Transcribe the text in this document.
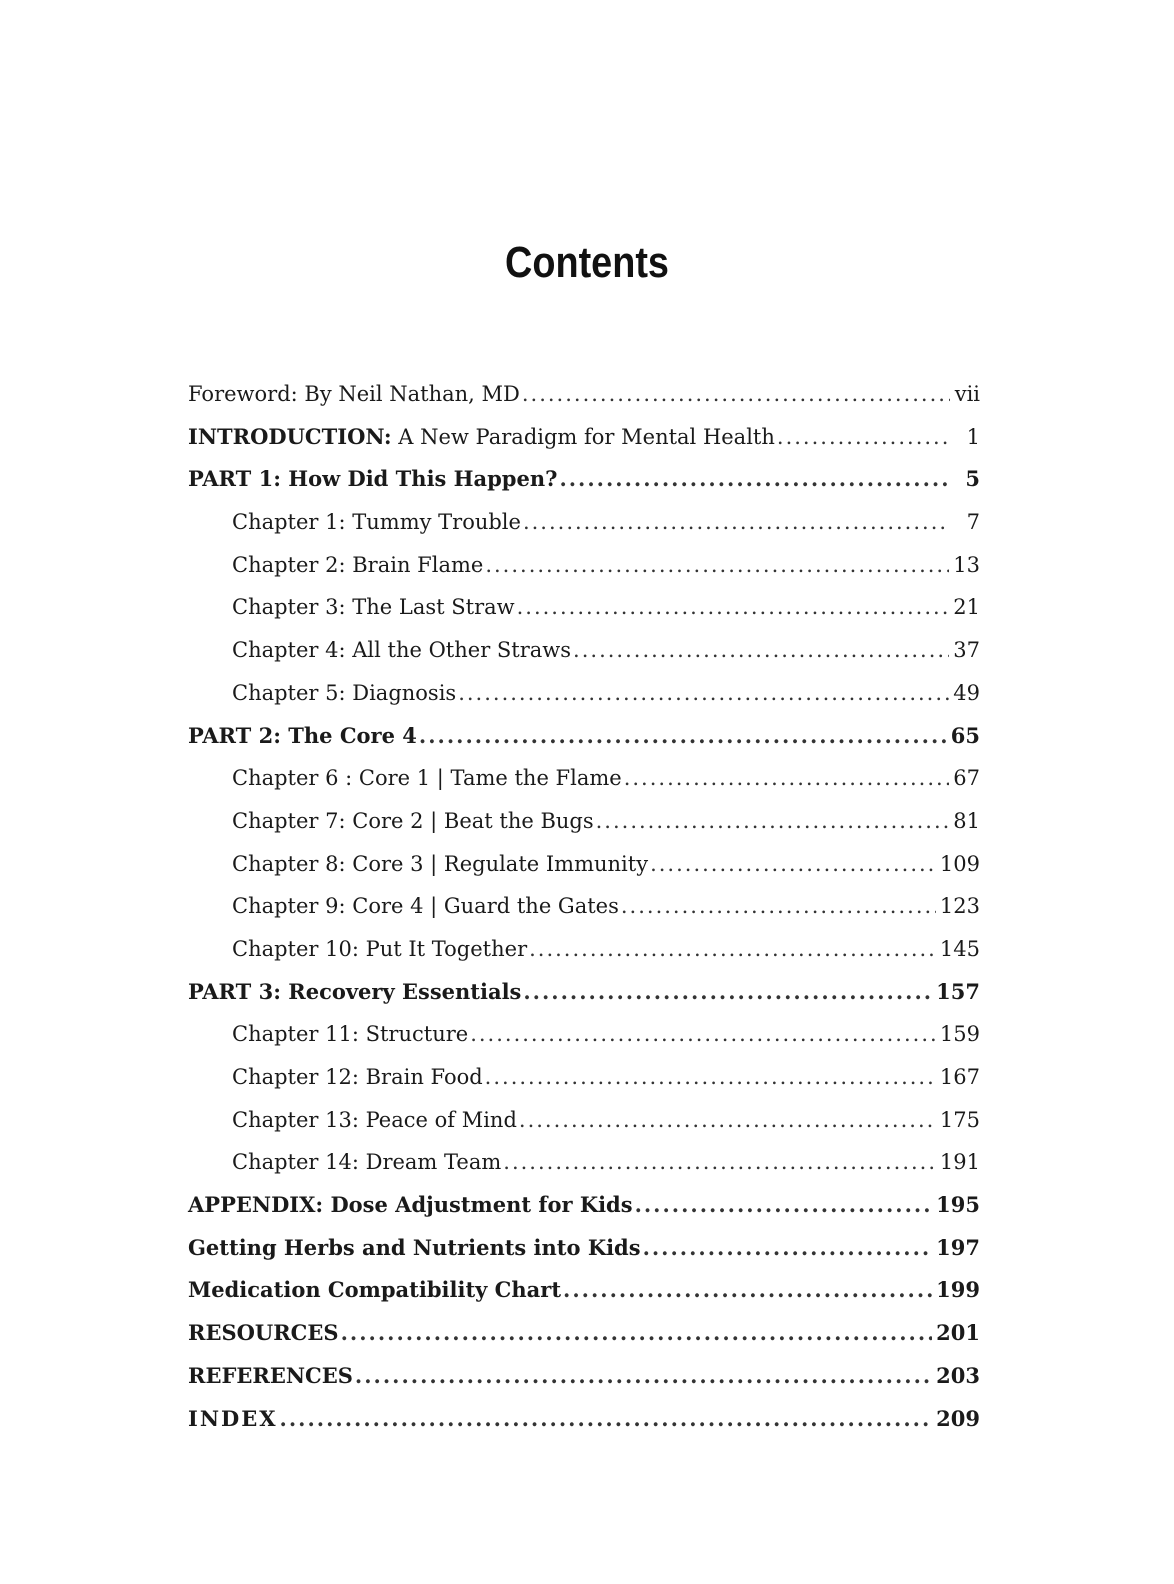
Contents
Foreword: By Neil Nathan, MD .....	vii
INTRODUCTION: A New Paradigm for Mental Health .....	1
PART 1: How Did This Happen? .....	5
Chapter 1: Tummy Trouble .....	7
Chapter 2: Brain Flame .....	13
Chapter 3: The Last Straw .....	21
Chapter 4: All the Other Straws .....	37
Chapter 5: Diagnosis .....	49
PART 2: The Core 4 .....	65
Chapter 6 : Core 1 | Tame the Flame .....	67
Chapter 7: Core 2 | Beat the Bugs .....	81
Chapter 8: Core 3 | Regulate Immunity .....	109
Chapter 9: Core 4 | Guard the Gates .....	123
Chapter 10: Put It Together .....	145
PART 3: Recovery Essentials .....	157
Chapter 11: Structure .....	159
Chapter 12: Brain Food .....	167
Chapter 13: Peace of Mind .....	175
Chapter 14: Dream Team .....	191
APPENDIX: Dose Adjustment for Kids .....	195
Getting Herbs and Nutrients into Kids .....	197
Medication Compatibility Chart .....	199
RESOURCES .....	201
REFERENCES .....	203
INDEX .....	209
